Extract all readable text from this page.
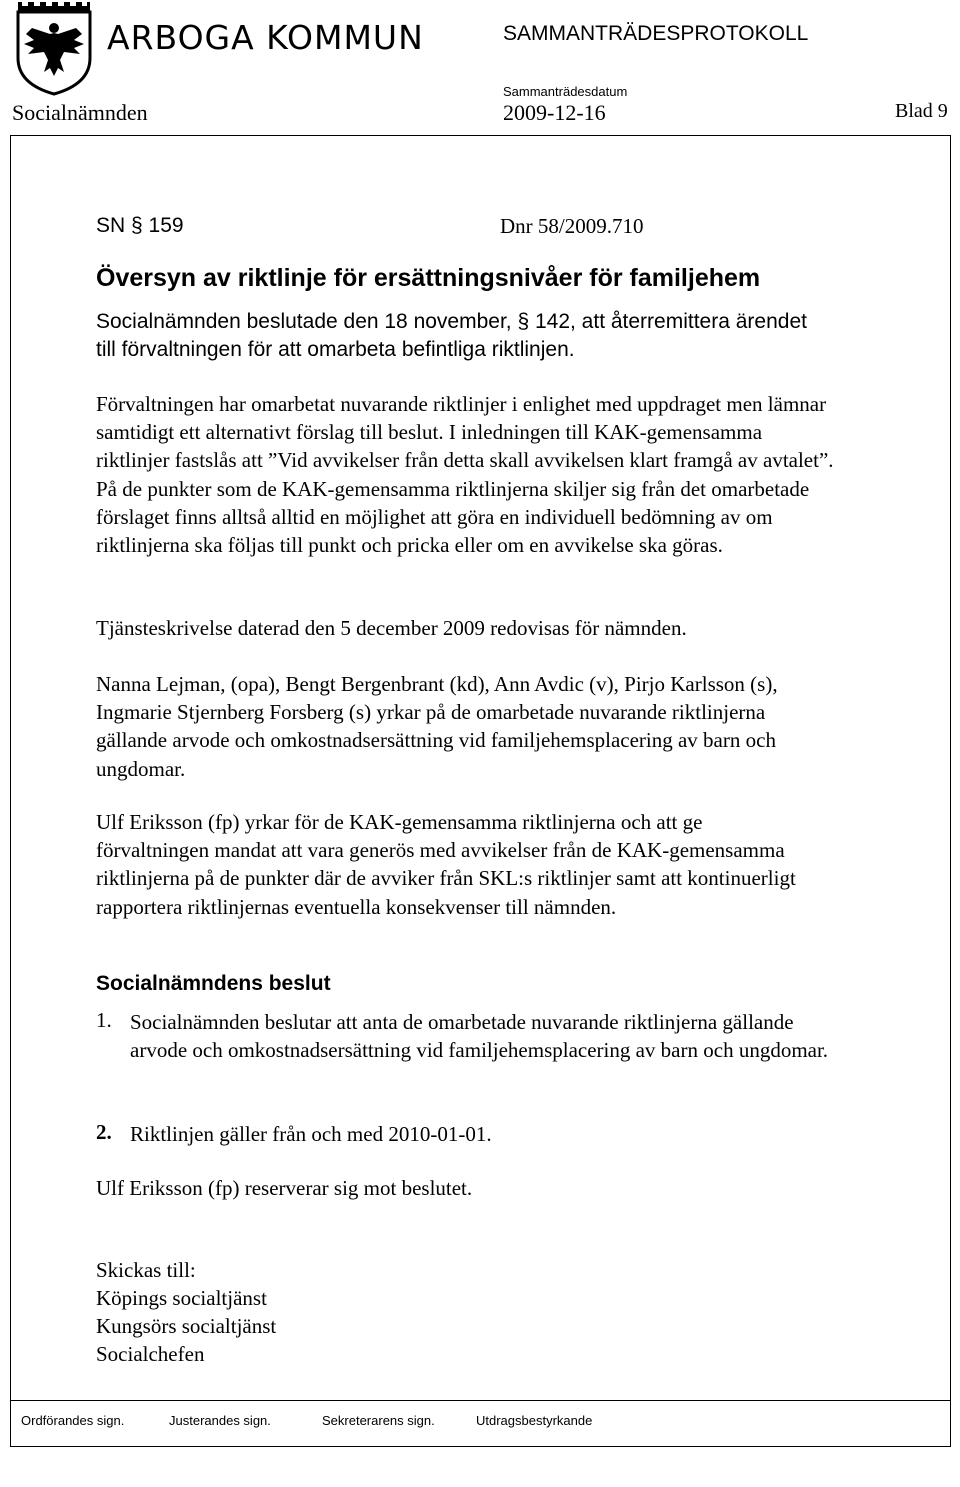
ARBOGA KOMMUN	SAMMANTRÄDESPROTOKOLL
Sammanträdesdatum
Socialnämnden	2009-12-16	Blad 9
SN § 159	Dnr 58/2009.710
Översyn av riktlinje för ersättningsnivåer för familjehem
Socialnämnden beslutade den 18 november, § 142, att återremittera ärendet till förvaltningen för att omarbeta befintliga riktlinjen.
Förvaltningen har omarbetat nuvarande riktlinjer i enlighet med uppdraget men lämnar samtidigt ett alternativt förslag till beslut. I inledningen till KAK-gemensamma riktlinjer fastslås att ”Vid avvikelser från detta skall avvikelsen klart framgå av avtalet”. På de punkter som de KAK-gemensamma riktlinjerna skiljer sig från det omarbetade förslaget finns alltså alltid en möjlighet att göra en individuell bedömning av om riktlinjerna ska följas till punkt och pricka eller om en avvikelse ska göras.
Tjänsteskrivelse daterad den 5 december 2009 redovisas för nämnden.
Nanna Lejman, (opa), Bengt Bergenbrant (kd), Ann Avdic (v), Pirjo Karlsson (s), Ingmarie Stjernberg Forsberg (s) yrkar på de omarbetade nuvarande riktlinjerna gällande arvode och omkostnadsersättning vid familjehemsplacering av barn och ungdomar.
Ulf Eriksson (fp) yrkar för de KAK-gemensamma riktlinjerna och att ge förvaltningen mandat att vara generös med avvikelser från de KAK-gemensamma riktlinjerna på de punkter där de avviker från SKL:s riktlinjer samt att kontinuerligt rapportera riktlinjernas eventuella konsekvenser till nämnden.
Socialnämndens beslut
1. Socialnämnden beslutar att anta de omarbetade nuvarande riktlinjerna gällande arvode och omkostnadsersättning vid familjehemsplacering av barn och ungdomar.
2. Riktlinjen gäller från och med 2010-01-01.
Ulf Eriksson (fp) reserverar sig mot beslutet.
Skickas till:
Köpings socialtjänst
Kungsörs socialtjänst
Socialchefen
Ordförandes sign.	Justerandes sign.	Sekreterarens sign.	Utdragsbestyrkande
